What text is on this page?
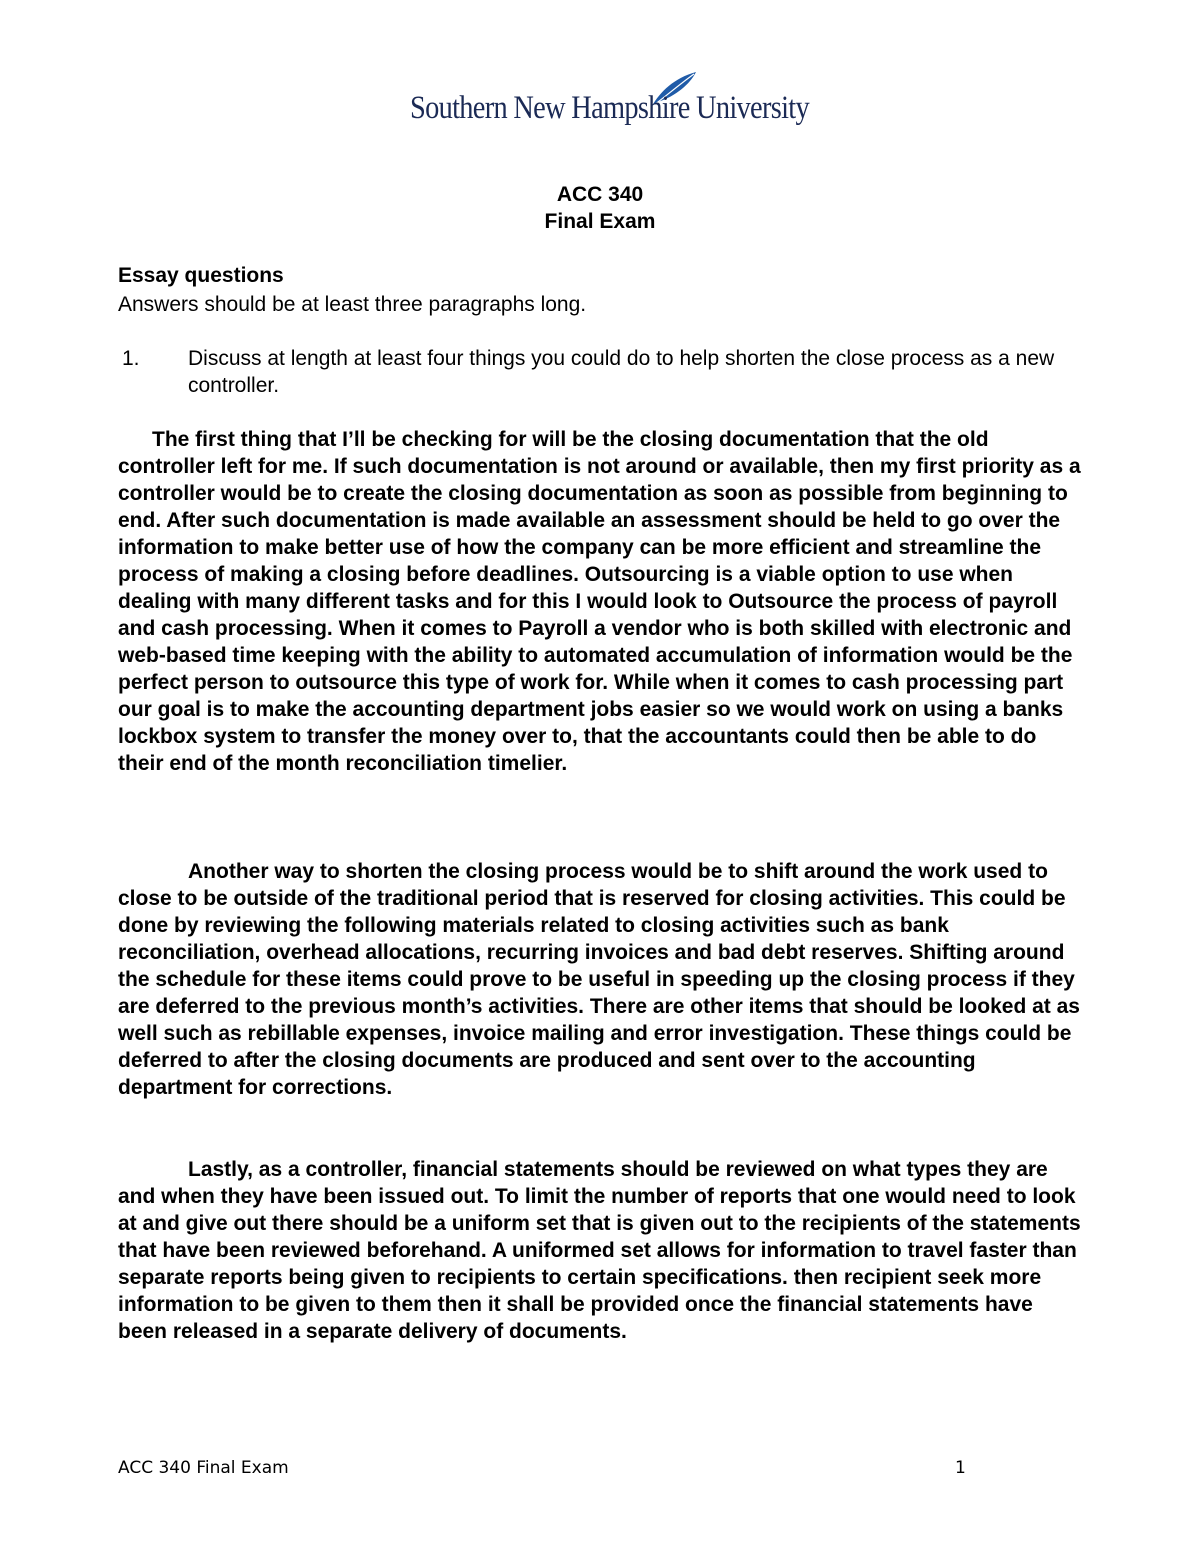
Southern New Hampshire University
ACC 340
Final Exam
Essay questions
Answers should be at least three paragraphs long.
1.	Discuss at length at least four things you could do to help shorten the close process as a new controller.

The first thing that I’ll be checking for will be the closing documentation that the old controller left for me. If such documentation is not around or available, then my first priority as a controller would be to create the closing documentation as soon as possible from beginning to end. After such documentation is made available an assessment should be held to go over the information to make better use of how the company can be more efficient and streamline the process of making a closing before deadlines. Outsourcing is a viable option to use when dealing with many different tasks and for this I would look to Outsource the process of payroll and cash processing. When it comes to Payroll a vendor who is both skilled with electronic and web-based time keeping with the ability to automated accumulation of information would be the perfect person to outsource this type of work for. While when it comes to cash processing part our goal is to make the accounting department jobs easier so we would work on using a banks lockbox system to transfer the money over to, that the accountants could then be able to do their end of the month reconciliation timelier.

Another way to shorten the closing process would be to shift around the work used to close to be outside of the traditional period that is reserved for closing activities. This could be done by reviewing the following materials related to closing activities such as bank reconciliation, overhead allocations, recurring invoices and bad debt reserves. Shifting around the schedule for these items could prove to be useful in speeding up the closing process if they are deferred to the previous month’s activities. There are other items that should be looked at as well such as rebillable expenses, invoice mailing and error investigation. These things could be deferred to after the closing documents are produced and sent over to the accounting department for corrections.

Lastly, as a controller, financial statements should be reviewed on what types they are and when they have been issued out. To limit the number of reports that one would need to look at and give out there should be a uniform set that is given out to the recipients of the statements that have been reviewed beforehand. A uniformed set allows for information to travel faster than separate reports being given to recipients to certain specifications. then recipient seek more information to be given to them then it shall be provided once the financial statements have been released in a separate delivery of documents.

ACC 340 Final Exam	1
